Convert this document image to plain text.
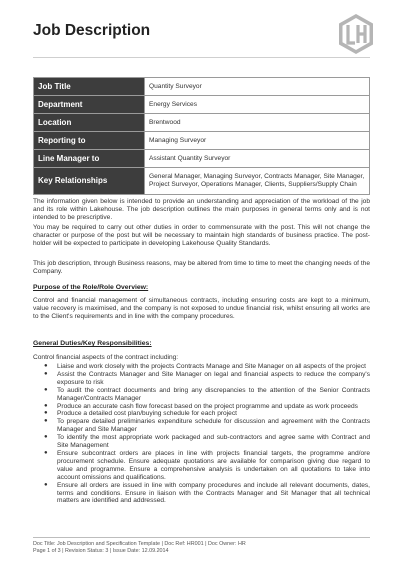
Job Description
Job Title	Quantity Surveyor
Department	Energy Services
Location	Brentwood
Reporting to	Managing Surveyor
Line Manager to	Assistant Quantity Surveyor
Key Relationships	General Manager, Managing Surveyor, Contracts Manager, Site Manager, Project Surveyor, Operations Manager, Clients, Suppliers/Supply Chain

The information given below is intended to provide an understanding and appreciation of the workload of the job and its role within Lakehouse. The job description outlines the main purposes in general terms only and is not intended to be prescriptive.

You may be required to carry out other duties in order to commensurate with the post. This will not change the character or purpose of the post but will be necessary to maintain high standards of business practice. The post-holder will be expected to participate in developing Lakehouse Quality Standards.

This job description, through Business reasons, may be altered from time to time to meet the changing needs of the Company.

Purpose of the Role/Role Overview:

Control and financial management of simultaneous contracts, including ensuring costs are kept to a minimum, value recovery is maximised, and the company is not exposed to undue financial risk, whilst ensuring all works are to the Client's requirements and in line with the company procedures.

General Duties/Key Responsibilities:

Control financial aspects of the contract including:

● Liaise and work closely with the projects Contracts Manage and Site Manager on all aspects of the project
● Assist the Contracts Manager and Site Manager on legal and financial aspects to reduce the company's exposure to risk
● To audit the contract documents and bring any discrepancies to the attention of the Senior Contracts Manager/Contracts Manager
● Produce an accurate cash flow forecast based on the project programme and update as work proceeds
● Produce a detailed cost plan/buying schedule for each project
● To prepare detailed preliminaries expenditure schedule for discussion and agreement with the Contracts Manager and Site Manager
● To identify the most appropriate work packaged and sub-contractors and agree same with Contract and Site Management
● Ensure subcontract orders are places in line with projects financial targets, the programme and/ore procurement schedule. Ensure adequate quotations are available for comparison giving due regard to value and programme. Ensure a comprehensive analysis is undertaken on all quotations to take into account omissions and qualifications.
● Ensure all orders are issued in line with company procedures and include all relevant documents, dates, terms and conditions. Ensure in liaison with the Contracts Manager and Sit Manager that all technical matters are identified and addressed.
Doc Title: Job Description and Specification Template | Doc Ref: HR001 | Doc Owner: HR
Page 1 of 3 | Revision Status: 3 | Issue Date: 12.09.2014
